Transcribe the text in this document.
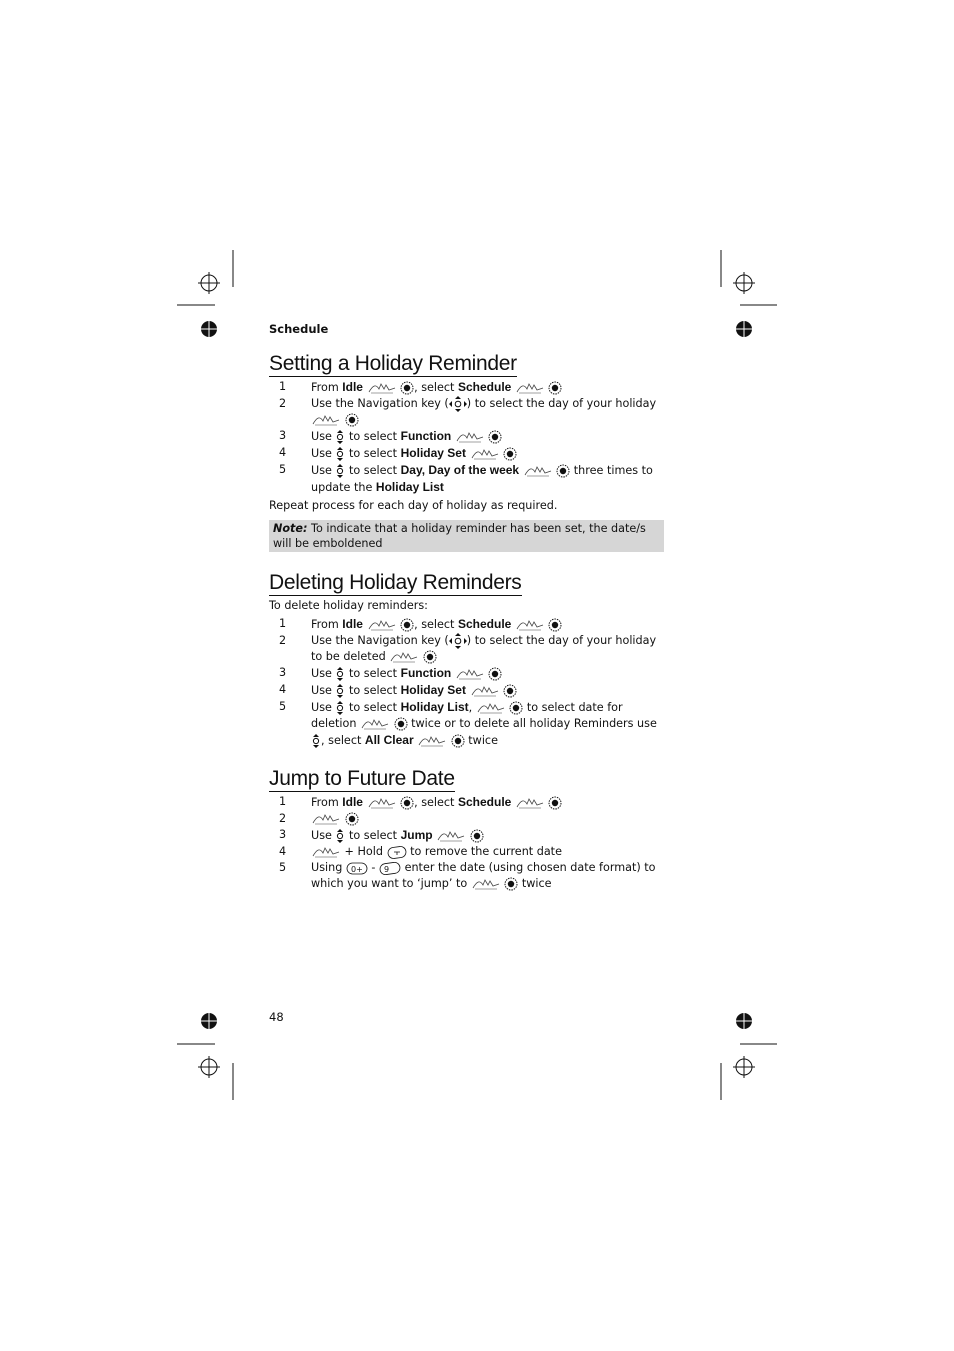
Schedule

Setting a Holiday Reminder
1	From Idle	, select Schedule
2	Use the Navigation key ( ) to select the day of your holiday
3	Use  to select Function
4	Use  to select Holiday Set
5	Use  to select Day, Day of the week	three times to update the Holiday List

Repeat process for each day of holiday as required.

Note: To indicate that a holiday reminder has been set, the date/s will be emboldened
Deleting Holiday Reminders

To delete holiday reminders:

1	From Idle	, select Schedule
2	Use the Navigation key ( ) to select the day of your holiday to be deleted
3	Use  to select Function
4	Use  to select Holiday Set
5	Use  to select Holiday List,	to select date for deletion	twice or to delete all holiday Reminders use , select All Clear	twice
Jump to Future Date
1	From Idle	, select Schedule
2

3	Use  to select Jump
4	+ Hold  to remove the current date
5	Using 0+ - 9 enter the date (using chosen date format) to which you want to ‘jump’ to	twice
48
